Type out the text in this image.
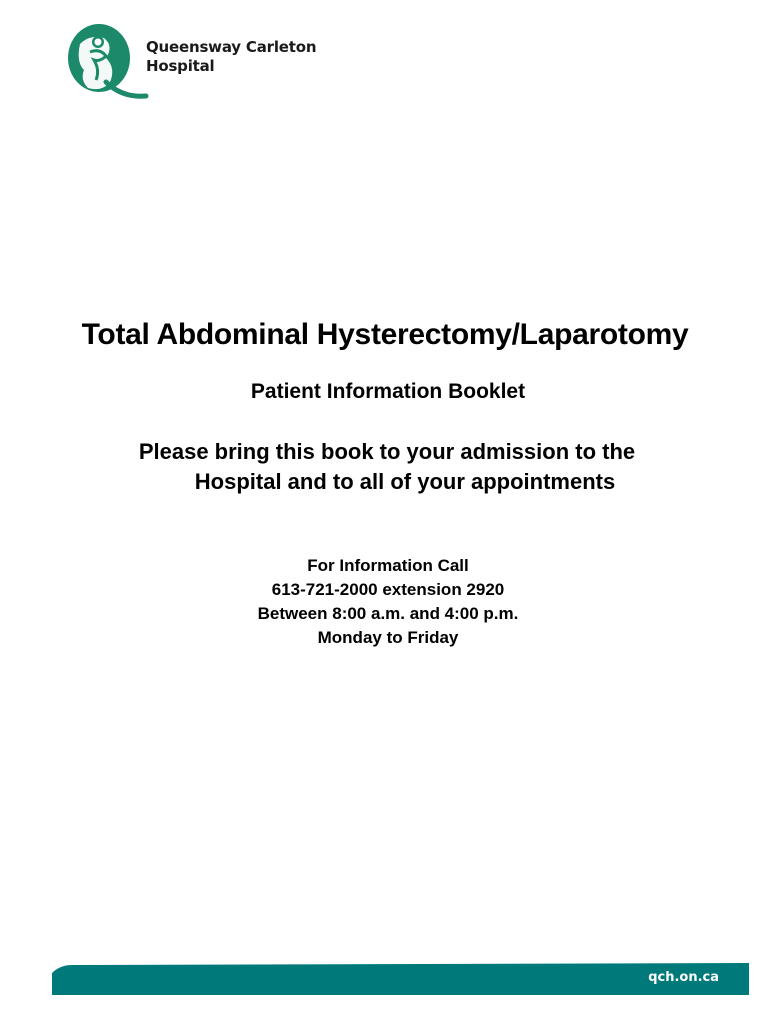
Queensway Carleton
Hospital
Total Abdominal Hysterectomy/Laparotomy
Patient Information Booklet
Please bring this book to your admission to the
Hospital and to all of your appointments
For Information Call
613-721-2000 extension 2920
Between 8:00 a.m. and 4:00 p.m.
Monday to Friday
qch.on.ca
